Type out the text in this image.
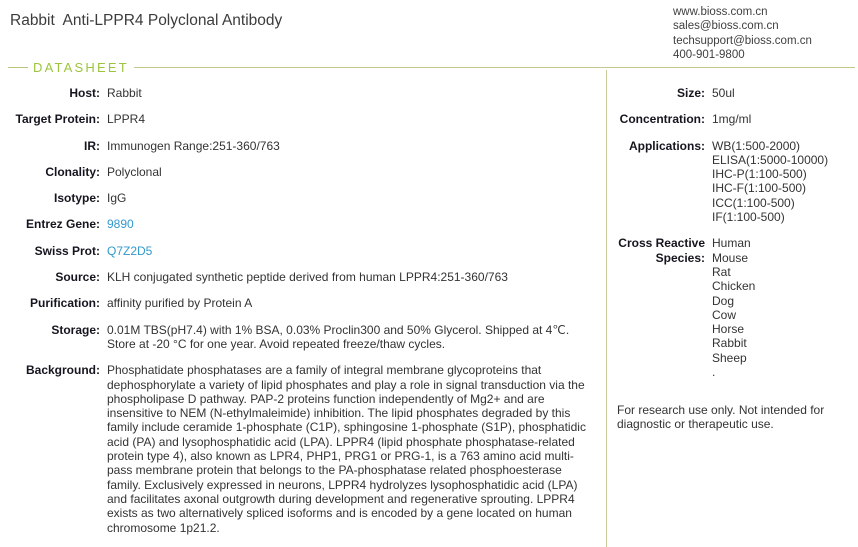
Rabbit  Anti-LPPR4 Polyclonal Antibody	www.bioss.com.cn
sales@bioss.com.cn
techsupport@bioss.com.cn
400-901-9800
DATASHEET
Host: Rabbit
Target Protein: LPPR4
IR: Immunogen Range:251-360/763
Clonality: Polyclonal
Isotype: IgG
Entrez Gene: 9890
Swiss Prot: Q7Z2D5
Source: KLH conjugated synthetic peptide derived from human LPPR4:251-360/763
Purification: affinity purified by Protein A
Storage: 0.01M TBS(pH7.4) with 1% BSA, 0.03% Proclin300 and 50% Glycerol. Shipped at 4℃. Store at -20 °C for one year. Avoid repeated freeze/thaw cycles.
Background: Phosphatidate phosphatases are a family of integral membrane glycoproteins that dephosphorylate a variety of lipid phosphates and play a role in signal transduction via the phospholipase D pathway. PAP-2 proteins function independently of Mg2+ and are insensitive to NEM (N-ethylmaleimide) inhibition. The lipid phosphates degraded by this family include ceramide 1-phosphate (C1P), sphingosine 1-phosphate (S1P), phosphatidic acid (PA) and lysophosphatidic acid (LPA). LPPR4 (lipid phosphate phosphatase-related protein type 4), also known as LPR4, PHP1, PRG1 or PRG-1, is a 763 amino acid multi-pass membrane protein that belongs to the PA-phosphatase related phosphoesterase family. Exclusively expressed in neurons, LPPR4 hydrolyzes lysophosphatidic acid (LPA) and facilitates axonal outgrowth during development and regenerative sprouting. LPPR4 exists as two alternatively spliced isoforms and is encoded by a gene located on human chromosome 1p21.2.
Size: 50ul
Concentration: 1mg/ml
Applications: WB(1:500-2000)
ELISA(1:5000-10000)
IHC-P(1:100-500)
IHC-F(1:100-500)
ICC(1:100-500)
IF(1:100-500)
Cross Reactive Species:
Human
Mouse
Rat
Chicken
Dog
Cow
Horse
Rabbit
Sheep
.
For research use only. Not intended for diagnostic or therapeutic use.
